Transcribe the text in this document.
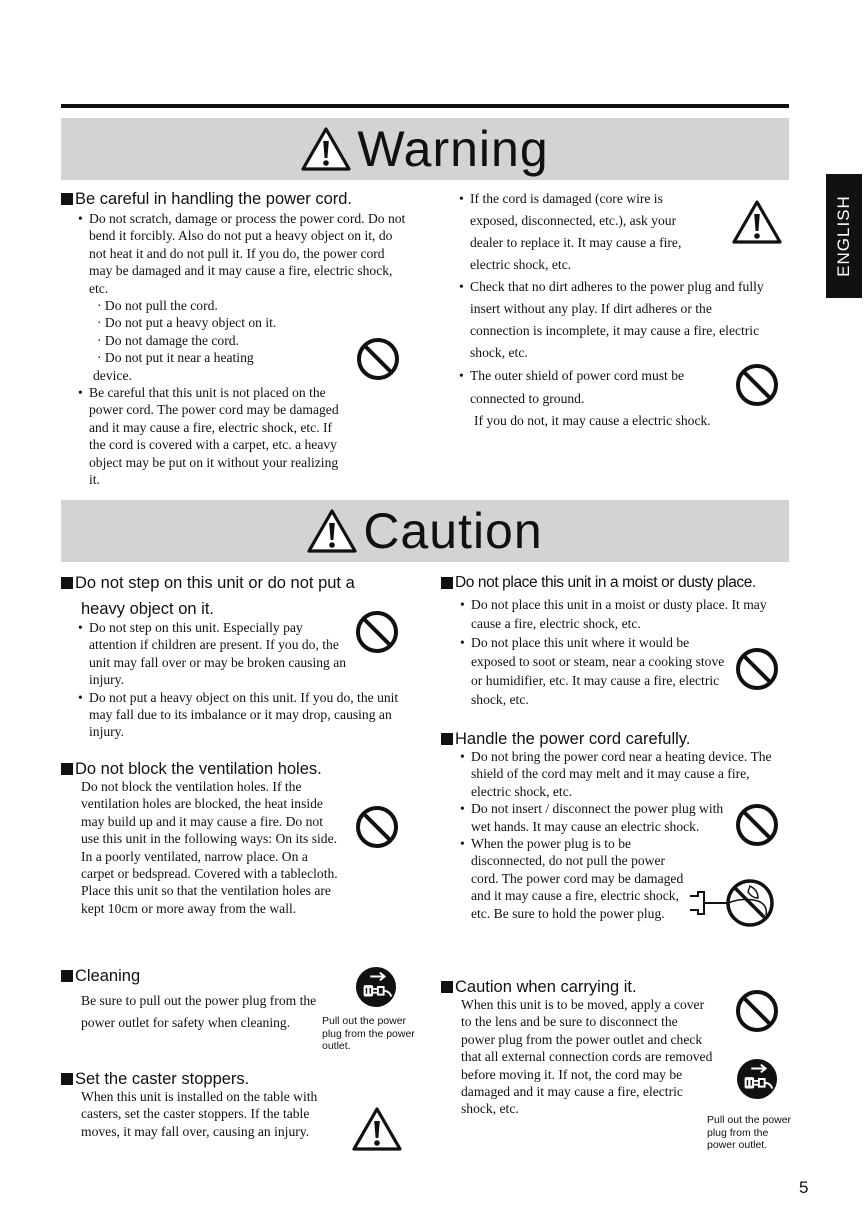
Warning
ENGLISH
Be careful in handling the power cord.
• Do not scratch, damage or process the power cord. Do not bend it forcibly. Also do not put a heavy object on it, do not heat it and do not pull it. If you do, the power cord may be damaged and it may cause a fire, electric shock, etc.
· Do not pull the cord.
· Do not put a heavy object on it.
· Do not damage the cord.
· Do not put it near a heating
device.
• Be careful that this unit is not placed on the power cord. The power cord may be damaged and it may cause a fire, electric shock, etc. If the cord is covered with a carpet, etc. a heavy object may be put on it without your realizing it.
• If the cord is damaged (core wire is exposed, disconnected, etc.), ask your dealer to replace it. It may cause a fire, electric shock, etc.
• Check that no dirt adheres to the power plug and fully insert without any play. If dirt adheres or the connection is incomplete, it may cause a fire, electric shock, etc.
• The outer shield of power cord must be connected to ground.
If you do not, it may cause a electric shock.
Caution
Do not step on this unit or do not put a
heavy object on it.
• Do not step on this unit. Especially pay attention if children are present. If you do, the unit may fall over or may be broken causing an injury.
• Do not put a heavy object on this unit. If you do, the unit may fall due to its imbalance or it may drop, causing an injury.
Do not block the ventilation holes.
Do not block the ventilation holes. If the ventilation holes are blocked, the heat inside may build up and it may cause a fire. Do not use this unit in the following ways: On its side. In a poorly ventilated, narrow place. On a carpet or bedspread. Covered with a tablecloth. Place this unit so that the ventilation holes are kept 10cm or more away from the wall.
Cleaning
Be sure to pull out the power plug from the power outlet for safety when cleaning.	Pull out the power plug from the power outlet.
Set the caster stoppers.
When this unit is installed on the table with casters, set the caster stoppers. If the table moves, it may fall over, causing an injury.
Do not place this unit in a moist or dusty place.
• Do not place this unit in a moist or dusty place. It may cause a fire, electric shock, etc.
• Do not place this unit where it would be exposed to soot or steam, near a cooking stove or humidifier, etc. It may cause a fire, electric shock, etc.
Handle the power cord carefully.
• Do not bring the power cord near a heating device. The shield of the cord may melt and it may cause a fire, electric shock, etc.
• Do not insert / disconnect the power plug with wet hands. It may cause an electric shock.
• When the power plug is to be disconnected, do not pull the power cord. The power cord may be damaged and it may cause a fire, electric shock, etc. Be sure to hold the power plug.
Caution when carrying it.
When this unit is to be moved, apply a cover to the lens and be sure to disconnect the power plug from the power outlet and check that all external connection cords are removed before moving it. If not, the cord may be damaged and it may cause a fire, electric shock, etc.
Pull out the power plug from the power outlet.
5
